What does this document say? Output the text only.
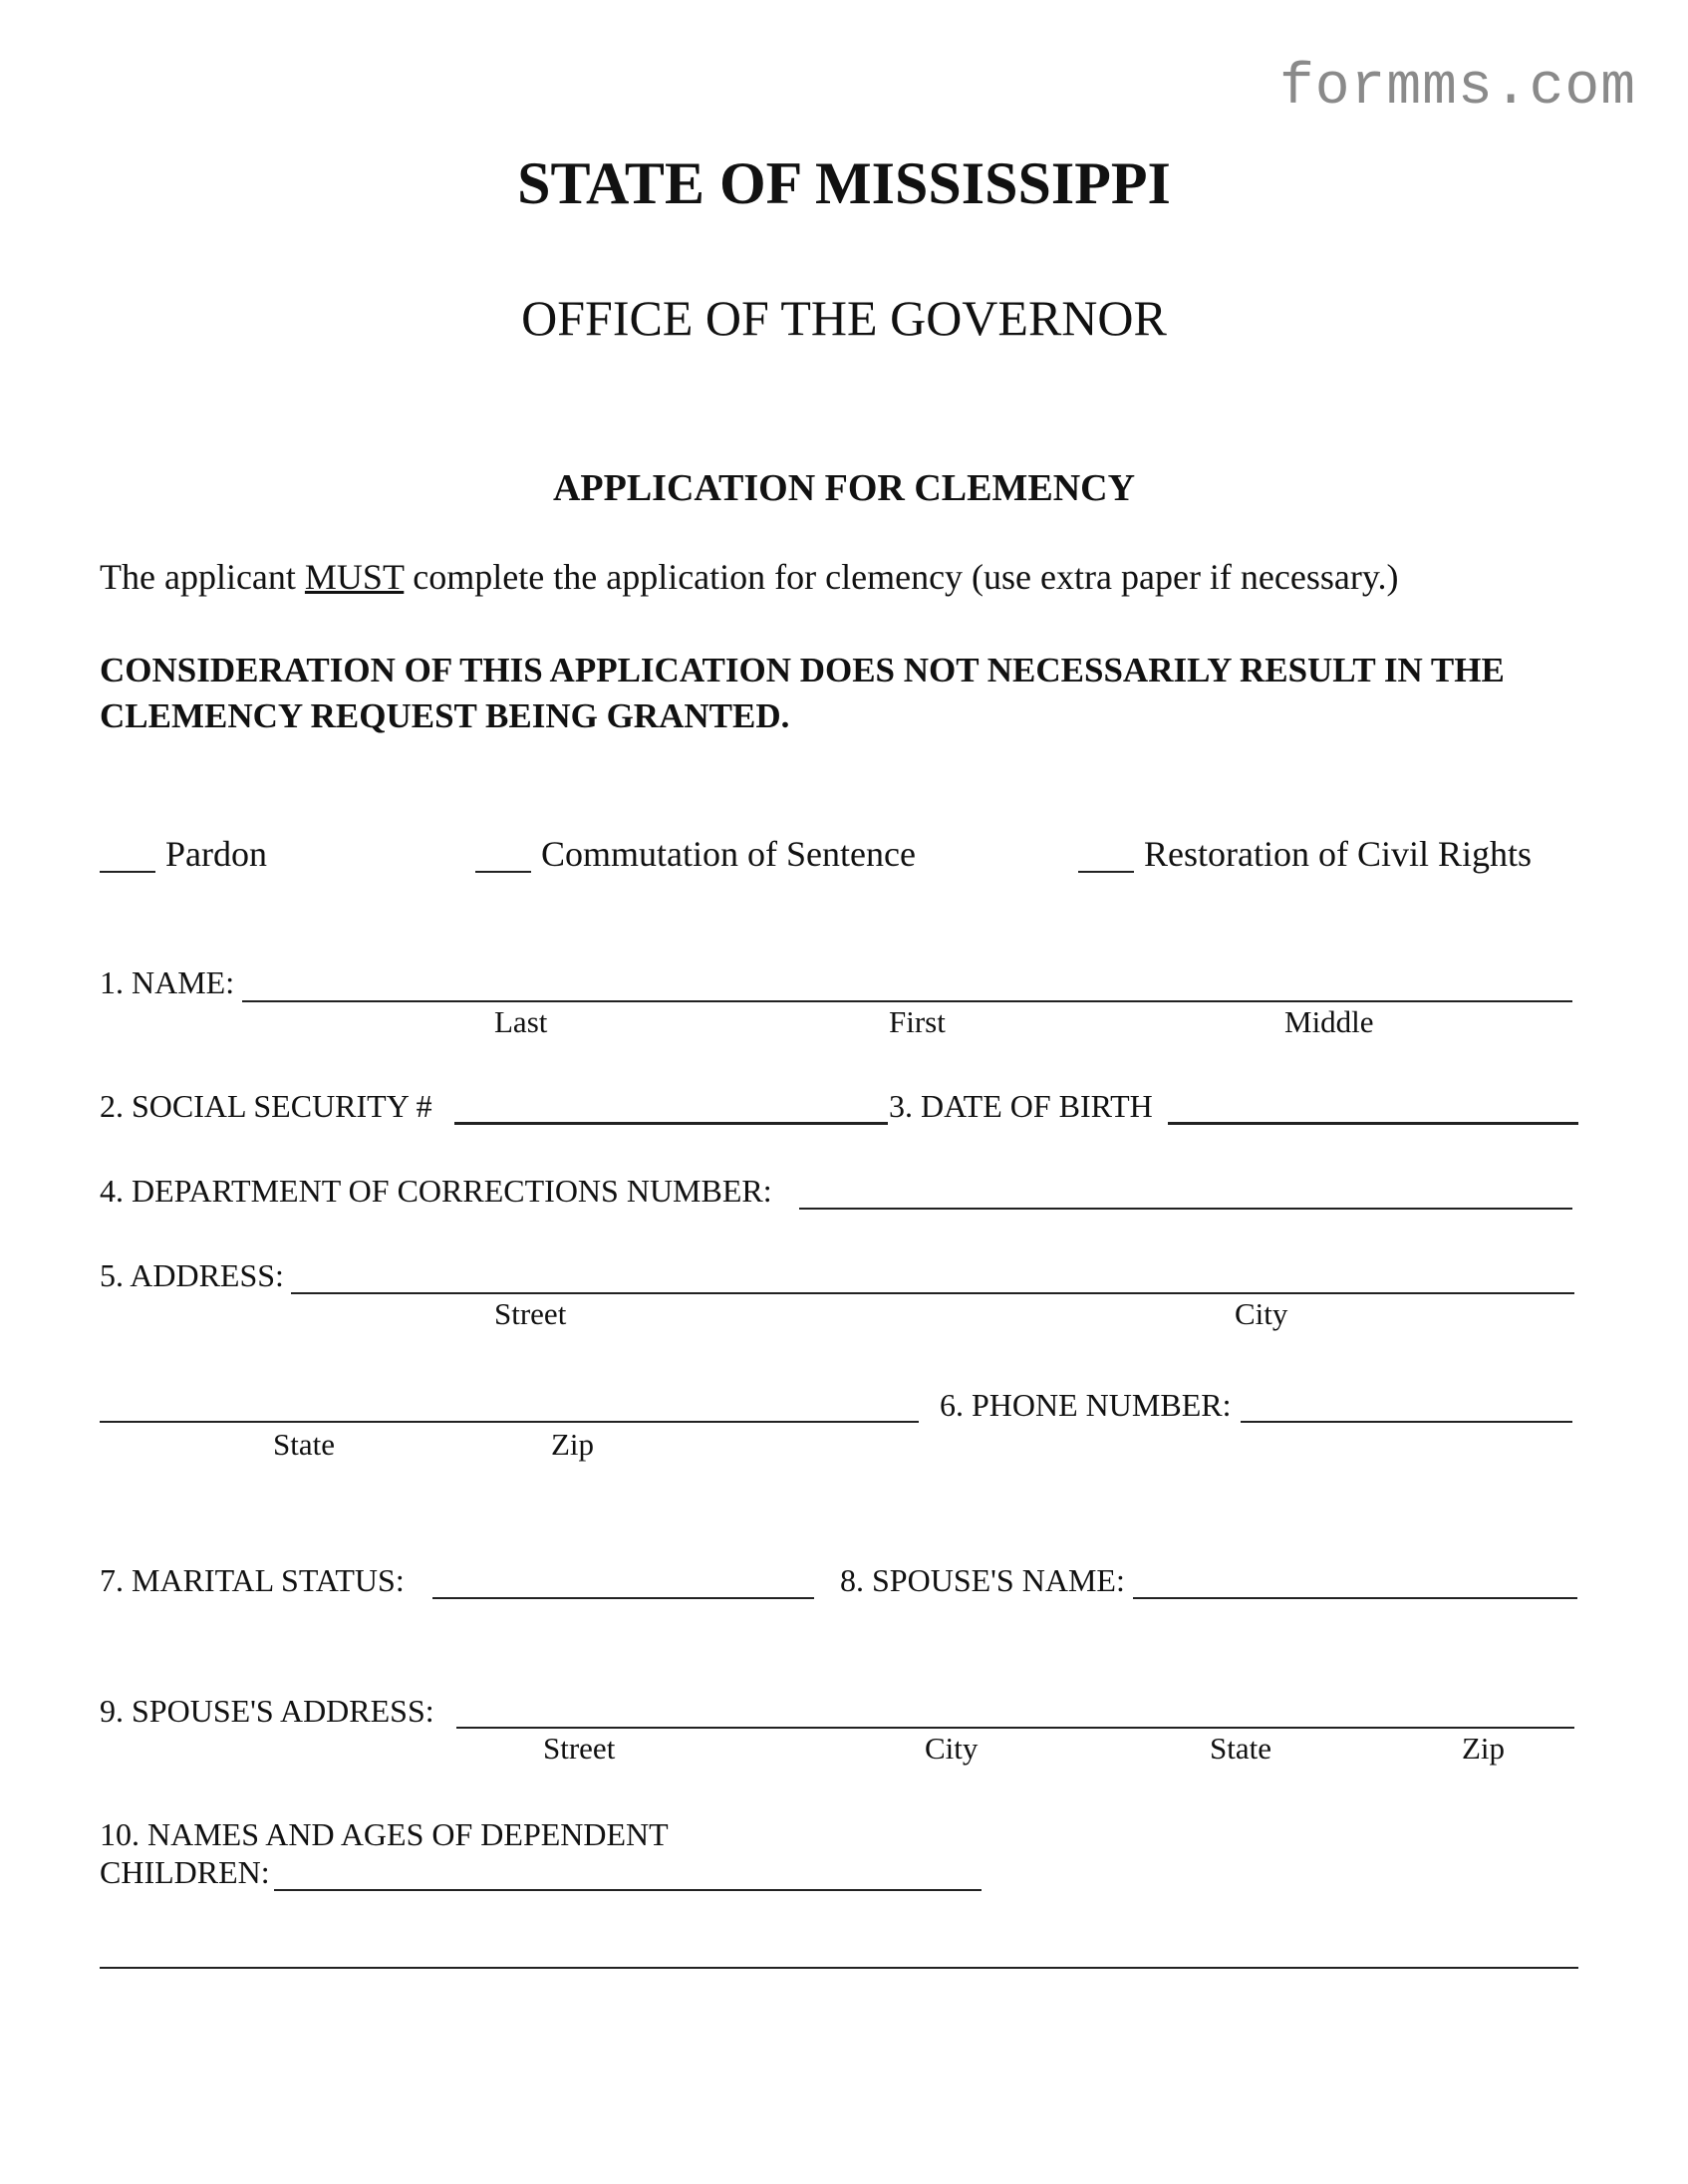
formms.com
STATE OF MISSISSIPPI
OFFICE OF THE GOVERNOR
APPLICATION FOR CLEMENCY
The applicant MUST complete the application for clemency (use extra paper if necessary.)
CONSIDERATION OF THIS APPLICATION DOES NOT NECESSARILY RESULT IN THE CLEMENCY REQUEST BEING GRANTED.
Pardon	Commutation of Sentence	Restoration of Civil Rights
1. NAME:
Last	First	Middle
2. SOCIAL SECURITY #	3. DATE OF BIRTH
4. DEPARTMENT OF CORRECTIONS NUMBER:
5. ADDRESS:
Street	City
State	Zip
6. PHONE NUMBER:
7. MARITAL STATUS:	8. SPOUSE'S NAME:
9. SPOUSE'S ADDRESS:
Street	City	State	Zip
10. NAMES AND AGES OF DEPENDENT
CHILDREN:
